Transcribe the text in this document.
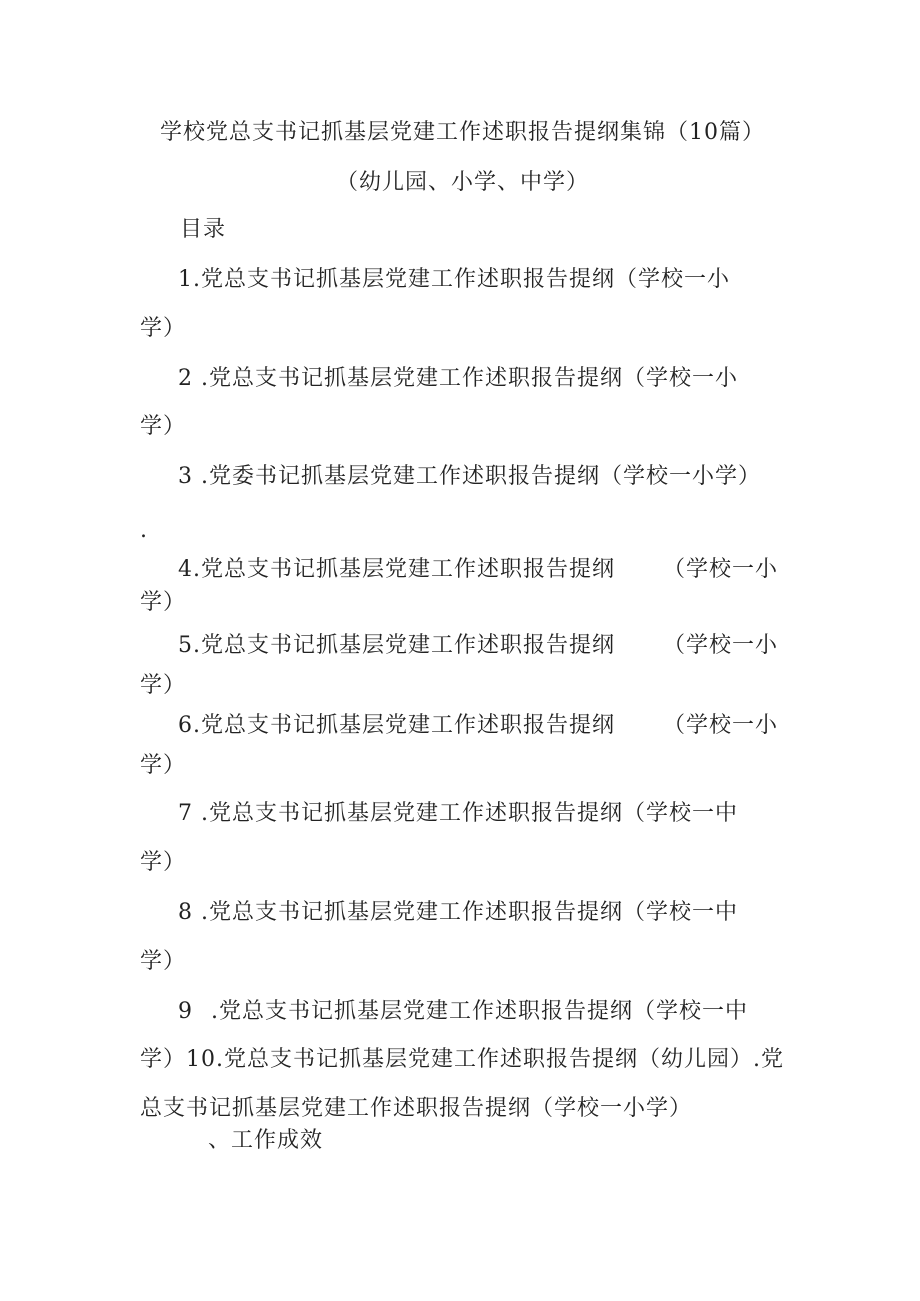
学校党总支书记抓基层党建工作述职报告提纲集锦（10篇）
（幼儿园、小学、中学）
目录
1.党总支书记抓基层党建工作述职报告提纲（学校一小
学）
2 .党总支书记抓基层党建工作述职报告提纲（学校一小
学）
3 .党委书记抓基层党建工作述职报告提纲（学校一小学）
.
4.党总支书记抓基层党建工作述职报告提纲 （学校一小
学）
5.党总支书记抓基层党建工作述职报告提纲 （学校一小
学）
6.党总支书记抓基层党建工作述职报告提纲 （学校一小
学）
7 .党总支书记抓基层党建工作述职报告提纲（学校一中
学）
8 .党总支书记抓基层党建工作述职报告提纲（学校一中
学）
9 .党总支书记抓基层党建工作述职报告提纲（学校一中
学）10.党总支书记抓基层党建工作述职报告提纲（幼儿园）.党
总支书记抓基层党建工作述职报告提纲（学校一小学）
、工作成效
